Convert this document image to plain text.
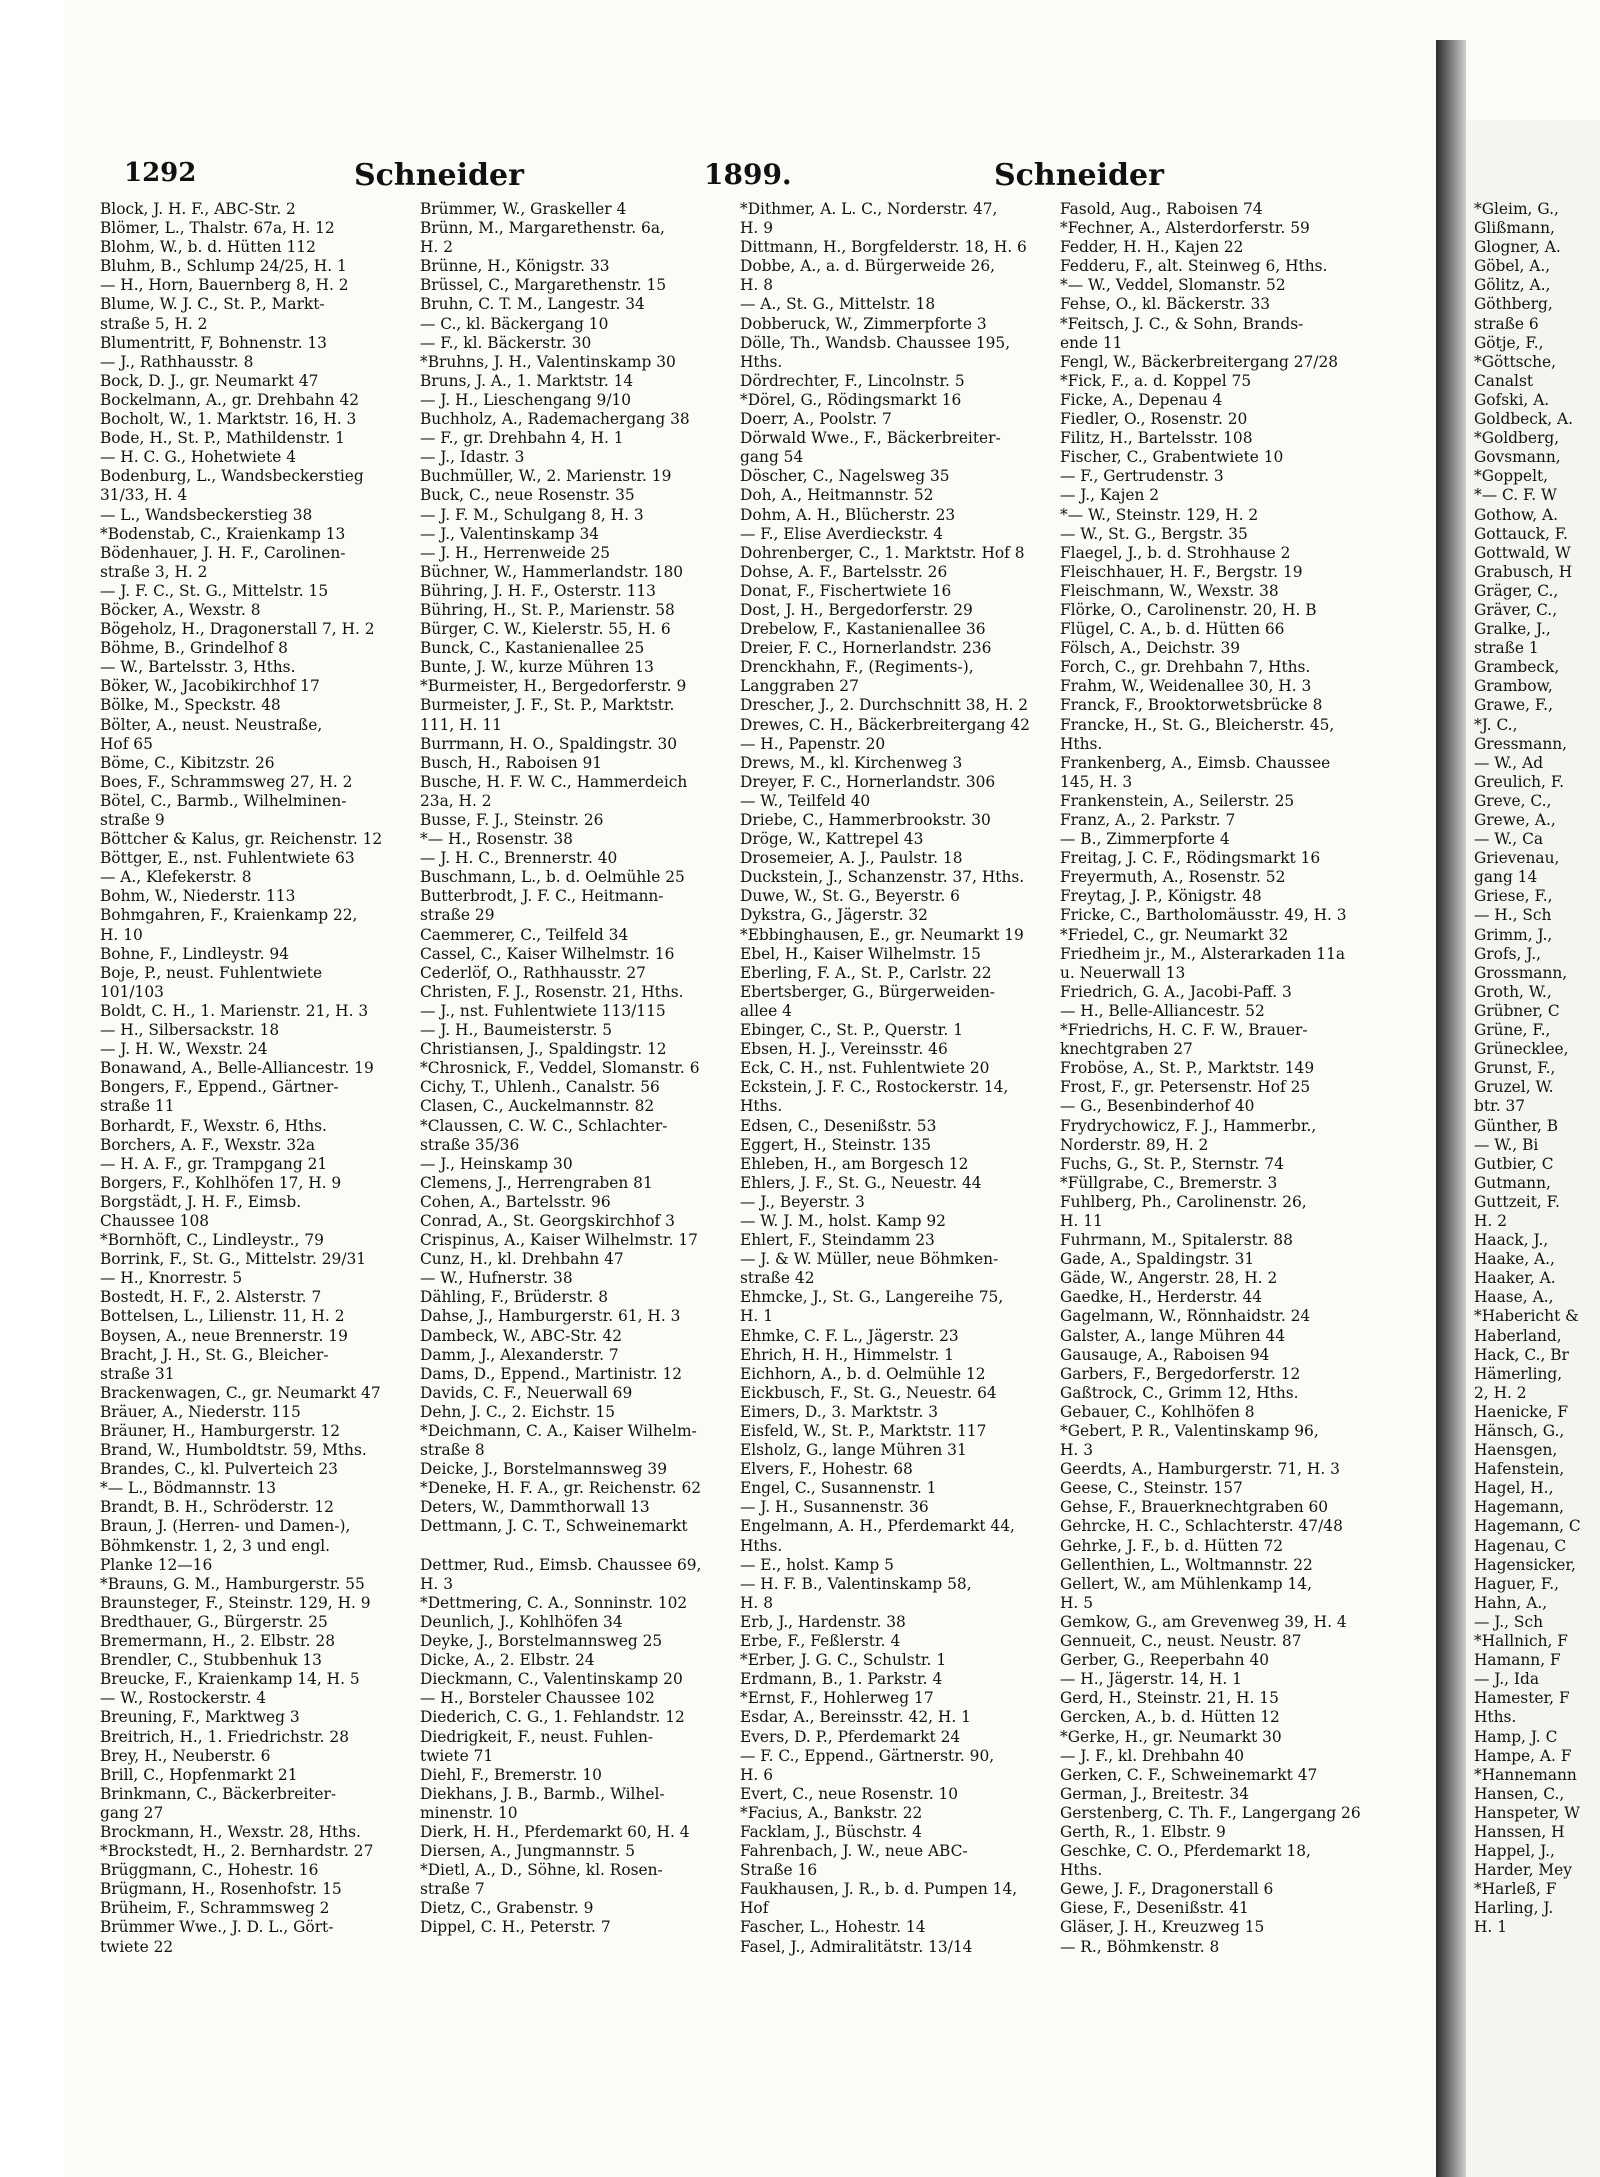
1292	Schneider	1899.	Schneider
Block, J. H. F., ABC-Str. 2
Blömer, L., Thalstr. 67a, H. 12
Blohm, W., b. d. Hütten 112
Bluhm, B., Schlump 24/25, H. 1
— H., Horn, Bauernberg 8, H. 2
Blume, W. J. C., St. P., Markt-
straße 5, H. 2
Blumentritt, F, Bohnenstr. 13
— J., Rathhausstr. 8
Bock, D. J., gr. Neumarkt 47
Bockelmann, A., gr. Drehbahn 42
Bocholt, W., 1. Marktstr. 16, H. 3
Bode, H., St. P., Mathildenstr. 1
— H. C. G., Hohetwiete 4
Bodenburg, L., Wandsbeckerstieg
31/33, H. 4
— L., Wandsbeckerstieg 38
*Bodenstab, C., Kraienkamp 13
Bödenhauer, J. H. F., Carolinen-
straße 3, H. 2
— J. F. C., St. G., Mittelstr. 15
Böcker, A., Wexstr. 8
Bögeholz, H., Dragonerstall 7, H. 2
Böhme, B., Grindelhof 8
— W., Bartelsstr. 3, Hths.
Böker, W., Jacobikirchhof 17
Bölke, M., Speckstr. 48
Bölter, A., neust. Neustraße,
Hof 65
Böme, C., Kibitzstr. 26
Boes, F., Schrammsweg 27, H. 2
Bötel, C., Barmb., Wilhelminen-
straße 9
Böttcher & Kalus, gr. Reichenstr. 12
Böttger, E., nst. Fuhlentwiete 63
— A., Klefekerstr. 8
Bohm, W., Niederstr. 113
Bohmgahren, F., Kraienkamp 22,
H. 10
Bohne, F., Lindleystr. 94
Boje, P., neust. Fuhlentwiete
101/103
Boldt, C. H., 1. Marienstr. 21, H. 3
— H., Silbersackstr. 18
— J. H. W., Wexstr. 24
Bonawand, A., Belle-Alliancestr. 19
Bongers, F., Eppend., Gärtner-
straße 11
Borhardt, F., Wexstr. 6, Hths.
Borchers, A. F., Wexstr. 32a
— H. A. F., gr. Trampgang 21
Borgers, F., Kohlhöfen 17, H. 9
Borgstädt, J. H. F., Eimsb.
Chaussee 108
*Bornhöft, C., Lindleystr., 79
Borrink, F., St. G., Mittelstr. 29/31
— H., Knorrestr. 5
Bostedt, H. F., 2. Alsterstr. 7
Bottelsen, L., Lilienstr. 11, H. 2
Boysen, A., neue Brennerstr. 19
Bracht, J. H., St. G., Bleicher-
straße 31
Brackenwagen, C., gr. Neumarkt 47
Bräuer, A., Niederstr. 115
Bräuner, H., Hamburgerstr. 12
Brand, W., Humboldtstr. 59, Mths.
Brandes, C., kl. Pulverteich 23
*— L., Bödmannstr. 13
Brandt, B. H., Schröderstr. 12
Braun, J. (Herren- und Damen-),
Böhmkenstr. 1, 2, 3 und engl.
Planke 12—16
*Brauns, G. M., Hamburgerstr. 55
Braunsteger, F., Steinstr. 129, H. 9
Bredthauer, G., Bürgerstr. 25
Bremermann, H., 2. Elbstr. 28
Brendler, C., Stubbenhuk 13
Breucke, F., Kraienkamp 14, H. 5
— W., Rostockerstr. 4
Breuning, F., Marktweg 3
Breitrich, H., 1. Friedrichstr. 28
Brey, H., Neuberstr. 6
Brill, C., Hopfenmarkt 21
Brinkmann, C., Bäckerbreiter-
gang 27
Brockmann, H., Wexstr. 28, Hths.
*Brockstedt, H., 2. Bernhardstr. 27
Brüggmann, C., Hohestr. 16
Brügmann, H., Rosenhofstr. 15
Brüheim, F., Schrammsweg 2
Brümmer Wwe., J. D. L., Gört-
twiete 22
Brümmer, W., Graskeller 4
Brünn, M., Margarethenstr. 6a,
H. 2
Brünne, H., Königstr. 33
Brüssel, C., Margarethenstr. 15
Bruhn, C. T. M., Langestr. 34
— C., kl. Bäckergang 10
— F., kl. Bäckerstr. 30
*Bruhns, J. H., Valentinskamp 30
Bruns, J. A., 1. Marktstr. 14
— J. H., Lieschengang 9/10
Buchholz, A., Rademachergang 38
— F., gr. Drehbahn 4, H. 1
— J., Idastr. 3
Buchmüller, W., 2. Marienstr. 19
Buck, C., neue Rosenstr. 35
— J. F. M., Schulgang 8, H. 3
— J., Valentinskamp 34
— J. H., Herrenweide 25
Büchner, W., Hammerlandstr. 180
Bühring, J. H. F., Osterstr. 113
Bühring, H., St. P., Marienstr. 58
Bürger, C. W., Kielerstr. 55, H. 6
Bunck, C., Kastanienallee 25
Bunte, J. W., kurze Mühren 13
*Burmeister, H., Bergedorferstr. 9
Burmeister, J. F., St. P., Marktstr.
111, H. 11
Burrmann, H. O., Spaldingstr. 30
Busch, H., Raboisen 91
Busche, H. F. W. C., Hammerdeich
23a, H. 2
Busse, F. J., Steinstr. 26
*— H., Rosenstr. 38
— J. H. C., Brennerstr. 40
Buschmann, L., b. d. Oelmühle 25
Butterbrodt, J. F. C., Heitmann-
straße 29
Caemmerer, C., Teilfeld 34
Cassel, C., Kaiser Wilhelmstr. 16
Cederlöf, O., Rathhausstr. 27
Christen, F. J., Rosenstr. 21, Hths.
— J., nst. Fuhlentwiete 113/115
— J. H., Baumeisterstr. 5
Christiansen, J., Spaldingstr. 12
*Chrosnick, F., Veddel, Slomanstr. 6
Cichy, T., Uhlenh., Canalstr. 56
Clasen, C., Auckelmannstr. 82
*Claussen, C. W. C., Schlachter-
straße 35/36
— J., Heinskamp 30
Clemens, J., Herrengraben 81
Cohen, A., Bartelsstr. 96
Conrad, A., St. Georgskirchhof 3
Crispinus, A., Kaiser Wilhelmstr. 17
Cunz, H., kl. Drehbahn 47
— W., Hufnerstr. 38
Dähling, F., Brüderstr. 8
Dahse, J., Hamburgerstr. 61, H. 3
Dambeck, W., ABC-Str. 42
Damm, J., Alexanderstr. 7
Dams, D., Eppend., Martinistr. 12
Davids, C. F., Neuerwall 69
Dehn, J. C., 2. Eichstr. 15
*Deichmann, C. A., Kaiser Wilhelm-
straße 8
Deicke, J., Borstelmannsweg 39
*Deneke, H. F. A., gr. Reichenstr. 62
Deters, W., Dammthorwall 13
Dettmann, J. C. T., Schweinemarkt

Dettmer, Rud., Eimsb. Chaussee 69,
H. 3
*Dettmering, C. A., Sonninstr. 102
Deunlich, J., Kohlhöfen 34
Deyke, J., Borstelmannsweg 25
Dicke, A., 2. Elbstr. 24
Dieckmann, C., Valentinskamp 20
— H., Borsteler Chaussee 102
Diederich, C. G., 1. Fehlandstr. 12
Diedrigkeit, F., neust. Fuhlen-
twiete 71
Diehl, F., Bremerstr. 10
Diekhans, J. B., Barmb., Wilhel-
minenstr. 10
Dierk, H. H., Pferdemarkt 60, H. 4
Diersen, A., Jungmannstr. 5
*Dietl, A., D., Söhne, kl. Rosen-
straße 7
Dietz, C., Grabenstr. 9
Dippel, C. H., Peterstr. 7
*Dithmer, A. L. C., Norderstr. 47,
H. 9
Dittmann, H., Borgfelderstr. 18, H. 6
Dobbe, A., a. d. Bürgerweide 26,
H. 8
— A., St. G., Mittelstr. 18
Dobberuck, W., Zimmerpforte 3
Dölle, Th., Wandsb. Chaussee 195,
Hths.
Dördrechter, F., Lincolnstr. 5
*Dörel, G., Rödingsmarkt 16
Doerr, A., Poolstr. 7
Dörwald Wwe., F., Bäckerbreiter-
gang 54
Döscher, C., Nagelsweg 35
Doh, A., Heitmannstr. 52
Dohm, A. H., Blücherstr. 23
— F., Elise Averdieckstr. 4
Dohrenberger, C., 1. Marktstr. Hof 8
Dohse, A. F., Bartelsstr. 26
Donat, F., Fischertwiete 16
Dost, J. H., Bergedorferstr. 29
Drebelow, F., Kastanienallee 36
Dreier, F. C., Hornerlandstr. 236
Drenckhahn, F., (Regiments-),
Langgraben 27
Drescher, J., 2. Durchschnitt 38, H. 2
Drewes, C. H., Bäckerbreitergang 42
— H., Papenstr. 20
Drews, M., kl. Kirchenweg 3
Dreyer, F. C., Hornerlandstr. 306
— W., Teilfeld 40
Driebe, C., Hammerbrookstr. 30
Dröge, W., Kattrepel 43
Drosemeier, A. J., Paulstr. 18
Duckstein, J., Schanzenstr. 37, Hths.
Duwe, W., St. G., Beyerstr. 6
Dykstra, G., Jägerstr. 32
*Ebbinghausen, E., gr. Neumarkt 19
Ebel, H., Kaiser Wilhelmstr. 15
Eberling, F. A., St. P., Carlstr. 22
Ebertsberger, G., Bürgerweiden-
allee 4
Ebinger, C., St. P., Querstr. 1
Ebsen, H. J., Vereinsstr. 46
Eck, C. H., nst. Fuhlentwiete 20
Eckstein, J. F. C., Rostockerstr. 14,
Hths.
Edsen, C., Desenißstr. 53
Eggert, H., Steinstr. 135
Ehleben, H., am Borgesch 12
Ehlers, J. F., St. G., Neuestr. 44
— J., Beyerstr. 3
— W. J. M., holst. Kamp 92
Ehlert, F., Steindamm 23
— J. & W. Müller, neue Böhmken-
straße 42
Ehmcke, J., St. G., Langereihe 75,
H. 1
Ehmke, C. F. L., Jägerstr. 23
Ehrich, H. H., Himmelstr. 1
Eichhorn, A., b. d. Oelmühle 12
Eickbusch, F., St. G., Neuestr. 64
Eimers, D., 3. Marktstr. 3
Eisfeld, W., St. P., Marktstr. 117
Elsholz, G., lange Mühren 31
Elvers, F., Hohestr. 68
Engel, C., Susannenstr. 1
— J. H., Susannenstr. 36
Engelmann, A. H., Pferdemarkt 44,
Hths.
— E., holst. Kamp 5
— H. F. B., Valentinskamp 58,
H. 8
Erb, J., Hardenstr. 38
Erbe, F., Feßlerstr. 4
*Erber, J. G. C., Schulstr. 1
Erdmann, B., 1. Parkstr. 4
*Ernst, F., Hohlerweg 17
Esdar, A., Bereinsstr. 42, H. 1
Evers, D. P., Pferdemarkt 24
— F. C., Eppend., Gärtnerstr. 90,
H. 6
Evert, C., neue Rosenstr. 10
*Facius, A., Bankstr. 22
Facklam, J., Büschstr. 4
Fahrenbach, J. W., neue ABC-
Straße 16
Faukhausen, J. R., b. d. Pumpen 14,
Hof
Fascher, L., Hohestr. 14
Fasel, J., Admiralitätstr. 13/14
Fasold, Aug., Raboisen 74
*Fechner, A., Alsterdorferstr. 59
Fedder, H. H., Kajen 22
Fedderu, F., alt. Steinweg 6, Hths.
*— W., Veddel, Slomanstr. 52
Fehse, O., kl. Bäckerstr. 33
*Feitsch, J. C., & Sohn, Brands-
ende 11
Fengl, W., Bäckerbreitergang 27/28
*Fick, F., a. d. Koppel 75
Ficke, A., Depenau 4
Fiedler, O., Rosenstr. 20
Filitz, H., Bartelsstr. 108
Fischer, C., Grabentwiete 10
— F., Gertrudenstr. 3
— J., Kajen 2
*— W., Steinstr. 129, H. 2
— W., St. G., Bergstr. 35
Flaegel, J., b. d. Strohhause 2
Fleischhauer, H. F., Bergstr. 19
Fleischmann, W., Wexstr. 38
Flörke, O., Carolinenstr. 20, H. B
Flügel, C. A., b. d. Hütten 66
Fölsch, A., Deichstr. 39
Forch, C., gr. Drehbahn 7, Hths.
Frahm, W., Weidenallee 30, H. 3
Franck, F., Brooktorwetsbrücke 8
Francke, H., St. G., Bleicherstr. 45,
Hths.
Frankenberg, A., Eimsb. Chaussee
145, H. 3
Frankenstein, A., Seilerstr. 25
Franz, A., 2. Parkstr. 7
— B., Zimmerpforte 4
Freitag, J. C. F., Rödingsmarkt 16
Freyermuth, A., Rosenstr. 52
Freytag, J. P., Königstr. 48
Fricke, C., Bartholomäusstr. 49, H. 3
*Friedel, C., gr. Neumarkt 32
Friedheim jr., M., Alsterarkaden 11a
u. Neuerwall 13
Friedrich, G. A., Jacobi-Paff. 3
— H., Belle-Alliancestr. 52
*Friedrichs, H. C. F. W., Brauer-
knechtgraben 27
Froböse, A., St. P., Marktstr. 149
Frost, F., gr. Petersenstr. Hof 25
— G., Besenbinderhof 40
Frydrychowicz, F. J., Hammerbr.,
Norderstr. 89, H. 2
Fuchs, G., St. P., Sternstr. 74
*Füllgrabe, C., Bremerstr. 3
Fuhlberg, Ph., Carolinenstr. 26,
H. 11
Fuhrmann, M., Spitalerstr. 88
Gade, A., Spaldingstr. 31
Gäde, W., Angerstr. 28, H. 2
Gaedke, H., Herderstr. 44
Gagelmann, W., Rönnhaidstr. 24
Galster, A., lange Mühren 44
Gausauge, A., Raboisen 94
Garbers, F., Bergedorferstr. 12
Gaßtrock, C., Grimm 12, Hths.
Gebauer, C., Kohlhöfen 8
*Gebert, P. R., Valentinskamp 96,
H. 3
Geerdts, A., Hamburgerstr. 71, H. 3
Geese, C., Steinstr. 157
Gehse, F., Brauerknechtgraben 60
Gehrcke, H. C., Schlachterstr. 47/48
Gehrke, J. F., b. d. Hütten 72
Gellenthien, L., Woltmannstr. 22
Gellert, W., am Mühlenkamp 14,
H. 5
Gemkow, G., am Grevenweg 39, H. 4
Gennueit, C., neust. Neustr. 87
Gerber, G., Reeperbahn 40
— H., Jägerstr. 14, H. 1
Gerd, H., Steinstr. 21, H. 15
Gercken, A., b. d. Hütten 12
*Gerke, H., gr. Neumarkt 30
— J. F., kl. Drehbahn 40
Gerken, C. F., Schweinemarkt 47
German, J., Breitestr. 34
Gerstenberg, C. Th. F., Langergang 26
Gerth, R., 1. Elbstr. 9
Geschke, C. O., Pferdemarkt 18,
Hths.
Gewe, J. F., Dragonerstall 6
Giese, F., Desenißstr. 41
Gläser, J. H., Kreuzweg 15
— R., Böhmkenstr. 8
*Gleim, G.,
Glißmann,
Glogner, A.
Göbel, A.,
Gölitz, A.,
Göthberg,
straße 6
Götje, F.,
*Göttsche,
Canalst
Gofski, A.
Goldbeck, A.
*Goldberg,
Govsmann,
*Goppelt,
*— C. F. W
Gothow, A.
Gottauck, F.
Gottwald, W
Grabusch, H
Gräger, C.,
Gräver, C.,
Gralke, J.,
straße 1
Grambeck,
Grambow,
Grawe, F.,
*J. C.,
Gressmann,
— W., Ad
Greulich, F.
Greve, C.,
Grewe, A.,
— W., Ca
Grievenau,
gang 14
Griese, F.,
— H., Sch
Grimm, J.,
Grofs, J.,
Grossmann,
Groth, W.,
Grübner, C
Grüne, F.,
Grünecklee,
Grunst, F.,
Gruzel, W.
btr. 37
Günther, B
— W., Bi
Gutbier, C
Gutmann,
Guttzeit, F.
H. 2
Haack, J.,
Haake, A.,
Haaker, A.
Haase, A.,
*Habericht &
Haberland,
Hack, C., Br
Hämerling,
2, H. 2
Haenicke, F
Hänsch, G.,
Haensgen,
Hafenstein,
Hagel, H.,
Hagemann,
Hagemann, C
Hagenau, C
Hagensicker,
Haguer, F.,
Hahn, A.,
— J., Sch
*Hallnich, F
Hamann, F
— J., Ida
Hamester, F
Hths.
Hamp, J. C
Hampe, A. F
*Hannemann
Hansen, C.,
Hanspeter, W
Hanssen, H
Happel, J.,
Harder, Mey
*Harleß, F
Harling, J.
H. 1
